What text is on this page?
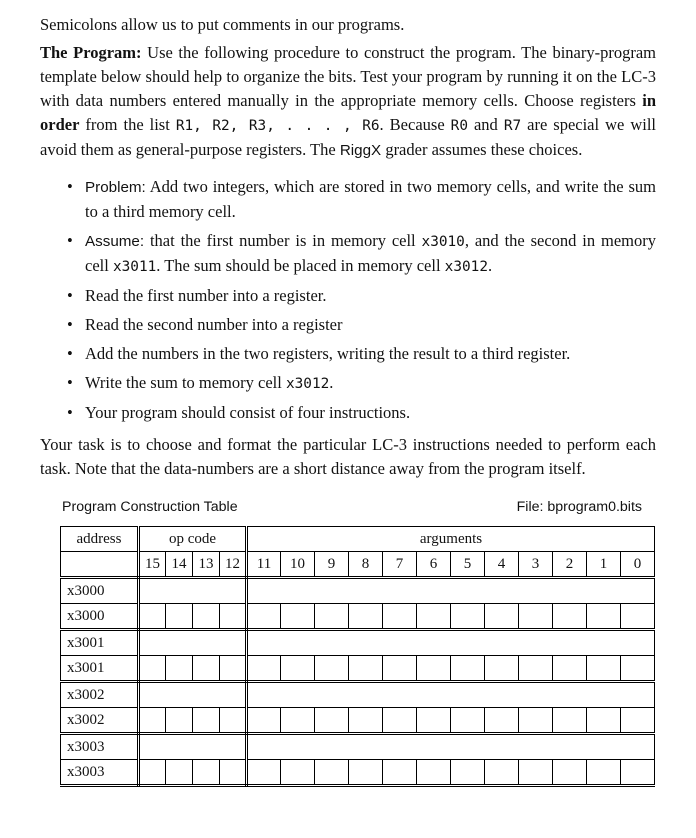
Semicolons allow us to put comments in our programs.

The Program: Use the following procedure to construct the program. The binary-program template below should help to organize the bits. Test your program by running it on the LC-3 with data numbers entered manually in the appropriate memory cells. Choose registers in order from the list R1, R2, R3, . . . , R6. Because R0 and R7 are special we will avoid them as general-purpose registers. The RiggX grader assumes these choices.

• Problem: Add two integers, which are stored in two memory cells, and write the sum to a third memory cell.
• Assume: that the first number is in memory cell x3010, and the second in memory cell x3011. The sum should be placed in memory cell x3012.
• Read the first number into a register.
• Read the second number into a register
• Add the numbers in the two registers, writing the result to a third register.
• Write the sum to memory cell x3012.
• Your program should consist of four instructions.

Your task is to choose and format the particular LC-3 instructions needed to perform each task. Note that the data-numbers are a short distance away from the program itself.

Program Construction Table	File: bprogram0.bits
address	op code				arguments											
	15	14	13	12	11	10	9	8	7	6	5	4	3	2	1	0
x3000																
x3000																
x3001																
x3001																
x3002																
x3002																
x3003																
x3003																
